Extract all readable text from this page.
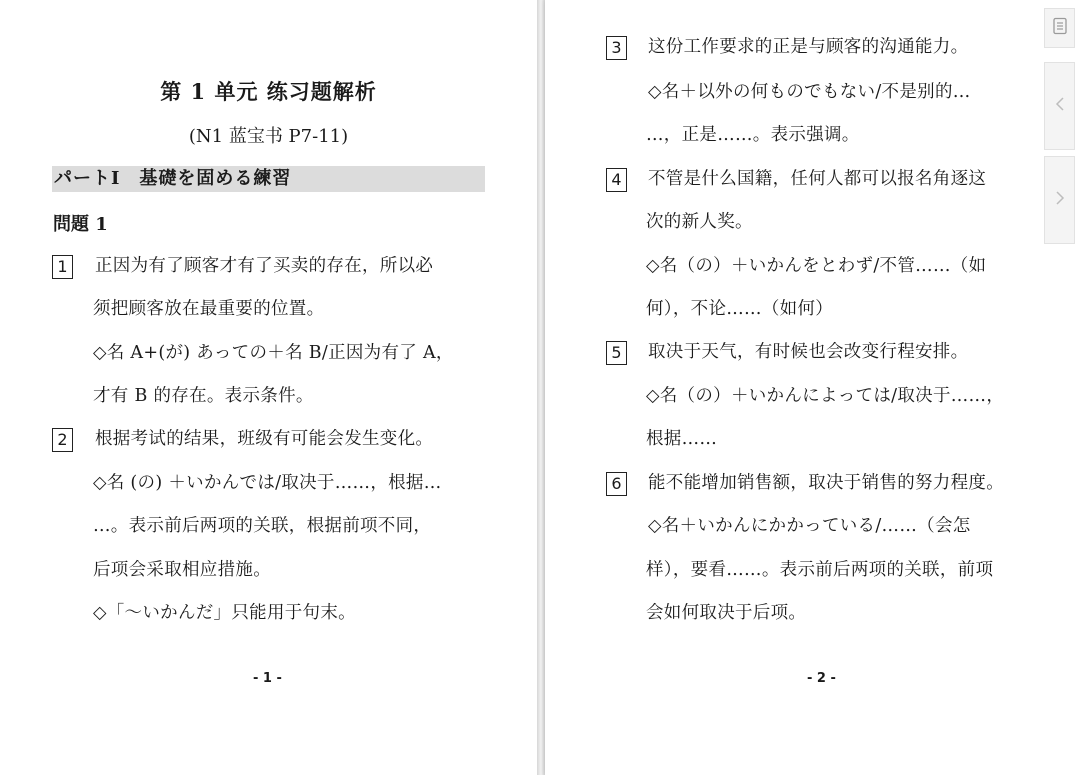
第 1 单元 练习题解析
(N1 蓝宝书 P7-11)
パートⅠ　基礎を固める練習
問題 1
1	正因为有了顾客才有了买卖的存在，所以必
须把顾客放在最重要的位置。
◇名 A+(が) あっての＋名 B/正因为有了 A，
才有 B 的存在。表示条件。
2	根据考试的结果，班级有可能会发生变化。
◇名 (の) ＋いかんでは/取决于……，根据…
…。表示前后两项的关联，根据前项不同，
后项会采取相应措施。
◇「～いかんだ」只能用于句末。
- 1 -
3	这份工作要求的正是与顾客的沟通能力。
◇名＋以外の何ものでもない/不是别的…
…，正是……。表示强调。
4	不管是什么国籍，任何人都可以报名角逐这
次的新人奖。
◇名（の）＋いかんをとわず/不管……（如
何），不论……（如何）
5	取决于天气，有时候也会改变行程安排。
◇名（の）＋いかんによっては/取决于……，
根据……
6	能不能增加销售额，取决于销售的努力程度。
◇名＋いかんにかかっている/……（会怎
样），要看……。表示前后两项的关联，前项
会如何取决于后项。
- 2 -
